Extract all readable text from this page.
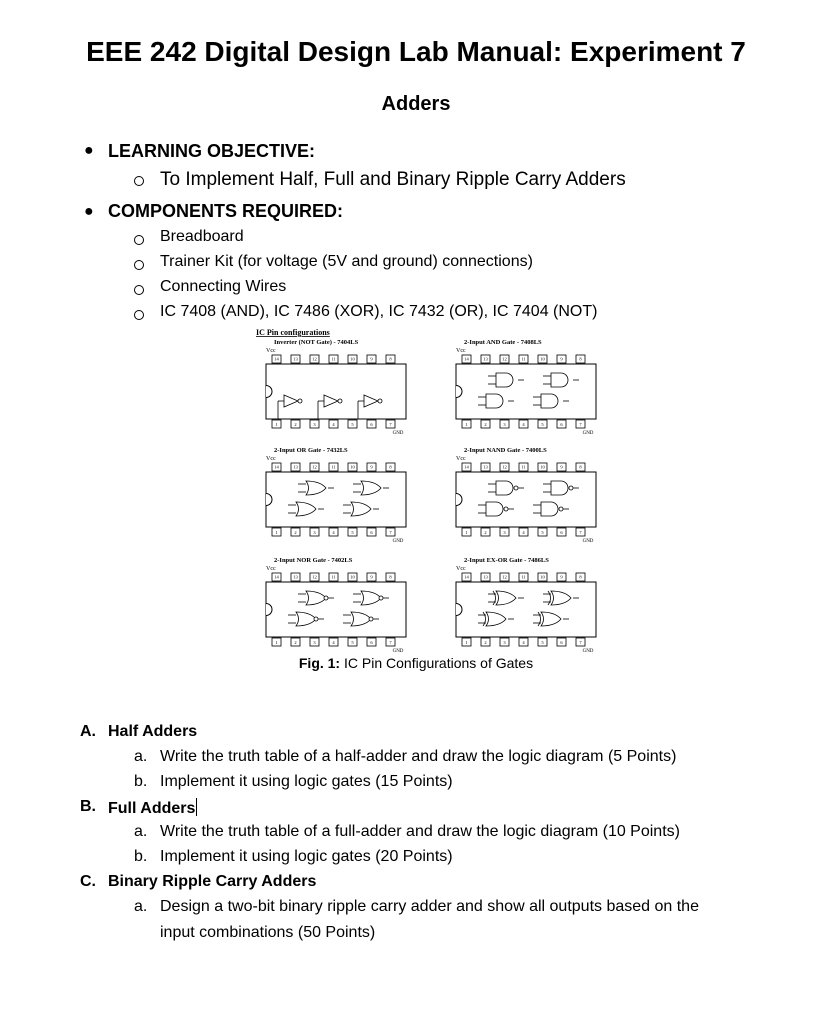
EEE 242 Digital Design Lab Manual: Experiment 7
Adders
● LEARNING OBJECTIVE:
To Implement Half, Full and Binary Ripple Carry Adders
● COMPONENTS REQUIRED:
Breadboard
Trainer Kit (for voltage (5V and ground) connections)
Connecting Wires
IC 7408 (AND), IC 7486 (XOR), IC 7432 (OR), IC 7404 (NOT)
IC Pin configurations
Inverter (NOT Gate) - 7404LS
Vcc
14
1
13
2
12
3
11
4
10
5
9
6
8
7
GND
2-Input AND Gate - 7408LS
Vcc
14
1
13
2
12
3
11
4
10
5
9
6
8
7
GND
2-Input OR Gate - 7432LS
Vcc
14
1
13
2
12
3
11
4
10
5
9
6
8
7
GND
2-Input NAND Gate - 7400LS
Vcc
14
1
13
2
12
3
11
4
10
5
9
6
8
7
GND
2-Input NOR Gate - 7402LS
Vcc
14
1
13
2
12
3
11
4
10
5
9
6
8
7
GND
2-Input EX-OR Gate - 7486LS
Vcc
14
1
13
2
12
3
11
4
10
5
9
6
8
7
GND
Fig. 1: IC Pin Configurations of Gates
A. Half Adders
a. Write the truth table of a half-adder and draw the logic diagram (5 Points)
b. Implement it using logic gates (15 Points)
B. Full Adders
a. Write the truth table of a full-adder and draw the logic diagram (10 Points)
b. Implement it using logic gates (20 Points)
C. Binary Ripple Carry Adders
a. Design a two-bit binary ripple carry adder and show all outputs based on the
input combinations (50 Points)
